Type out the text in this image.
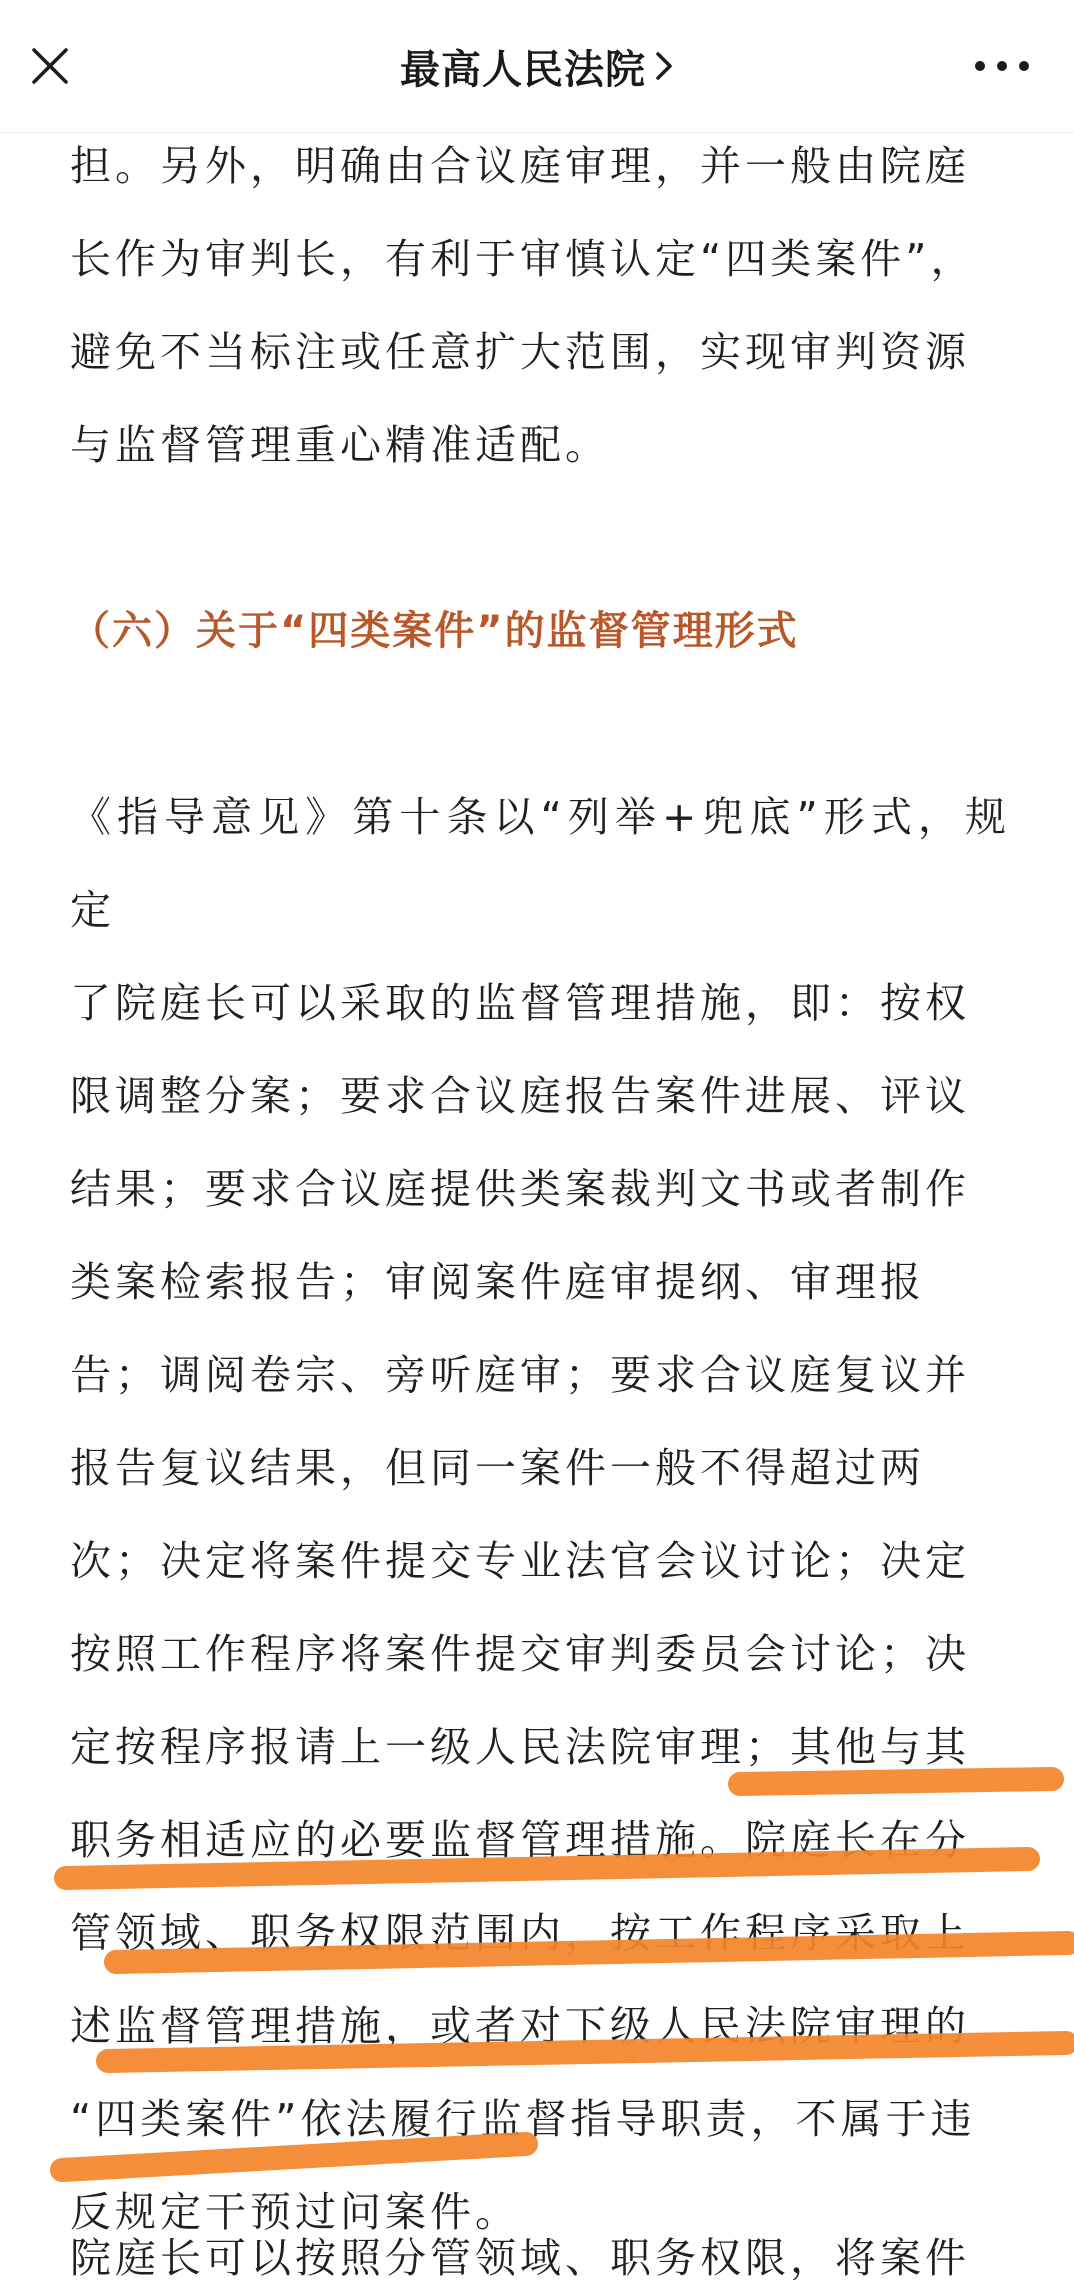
最高人民法院

担。另外，明确由合议庭审理，并一般由院庭

长作为审判长，有利于审慎认定“四类案件”，

避免不当标注或任意扩大范围，实现审判资源

与监督管理重心精准适配。

（六）关于“四类案件”的监督管理形式

《指导意见》第十条以“列举+兜底”形式，规定

了院庭长可以采取的监督管理措施，即：按权

限调整分案；要求合议庭报告案件进展、评议

结果；要求合议庭提供类案裁判文书或者制作

类案检索报告；审阅案件庭审提纲、审理报

告；调阅卷宗、旁听庭审；要求合议庭复议并

报告复议结果，但同一案件一般不得超过两

次；决定将案件提交专业法官会议讨论；决定

按照工作程序将案件提交审判委员会讨论；决

定按程序报请上一级人民法院审理；其他与其

职务相适应的必要监督管理措施。院庭长在分

管领域、职务权限范围内，按工作程序采取上

述监督管理措施，或者对下级人民法院审理的

“四类案件”依法履行监督指导职责，不属于违

反规定干预过问案件。

院庭长可以按照分管领域、职务权限，将案件
